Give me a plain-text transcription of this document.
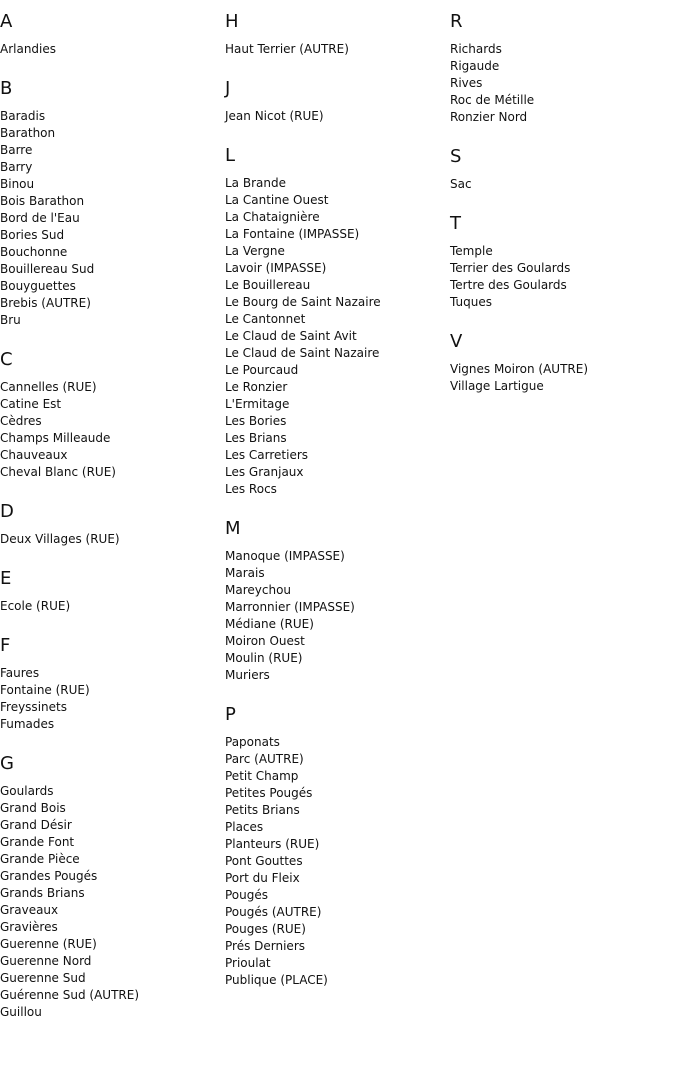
A
Arlandies
B
Baradis
Barathon
Barre
Barry
Binou
Bois Barathon
Bord de l'Eau
Bories Sud
Bouchonne
Bouillereau Sud
Bouyguettes
Brebis (AUTRE)
Bru
C
Cannelles (RUE)
Catine Est
Cèdres
Champs Milleaude
Chauveaux
Cheval Blanc (RUE)
D
Deux Villages (RUE)
E
Ecole (RUE)
F
Faures
Fontaine (RUE)
Freyssinets
Fumades
G
Goulards
Grand Bois
Grand Désir
Grande Font
Grande Pièce
Grandes Pougés
Grands Brians
Graveaux
Gravières
Guerenne (RUE)
Guerenne Nord
Guerenne Sud
Guérenne Sud (AUTRE)
Guillou
H
Haut Terrier (AUTRE)
J
Jean Nicot (RUE)
L
La Brande
La Cantine Ouest
La Chataignière
La Fontaine (IMPASSE)
La Vergne
Lavoir (IMPASSE)
Le Bouillereau
Le Bourg de Saint Nazaire
Le Cantonnet
Le Claud de Saint Avit
Le Claud de Saint Nazaire
Le Pourcaud
Le Ronzier
L'Ermitage
Les Bories
Les Brians
Les Carretiers
Les Granjaux
Les Rocs
M
Manoque (IMPASSE)
Marais
Mareychou
Marronnier (IMPASSE)
Médiane (RUE)
Moiron Ouest
Moulin (RUE)
Muriers
P
Paponats
Parc (AUTRE)
Petit Champ
Petites Pougés
Petits Brians
Places
Planteurs (RUE)
Pont Gouttes
Port du Fleix
Pougés
Pougés (AUTRE)
Pouges (RUE)
Prés Derniers
Prioulat
Publique (PLACE)
R
Richards
Rigaude
Rives
Roc de Métille
Ronzier Nord
S
Sac
T
Temple
Terrier des Goulards
Tertre des Goulards
Tuques
V
Vignes Moiron (AUTRE)
Village Lartigue
